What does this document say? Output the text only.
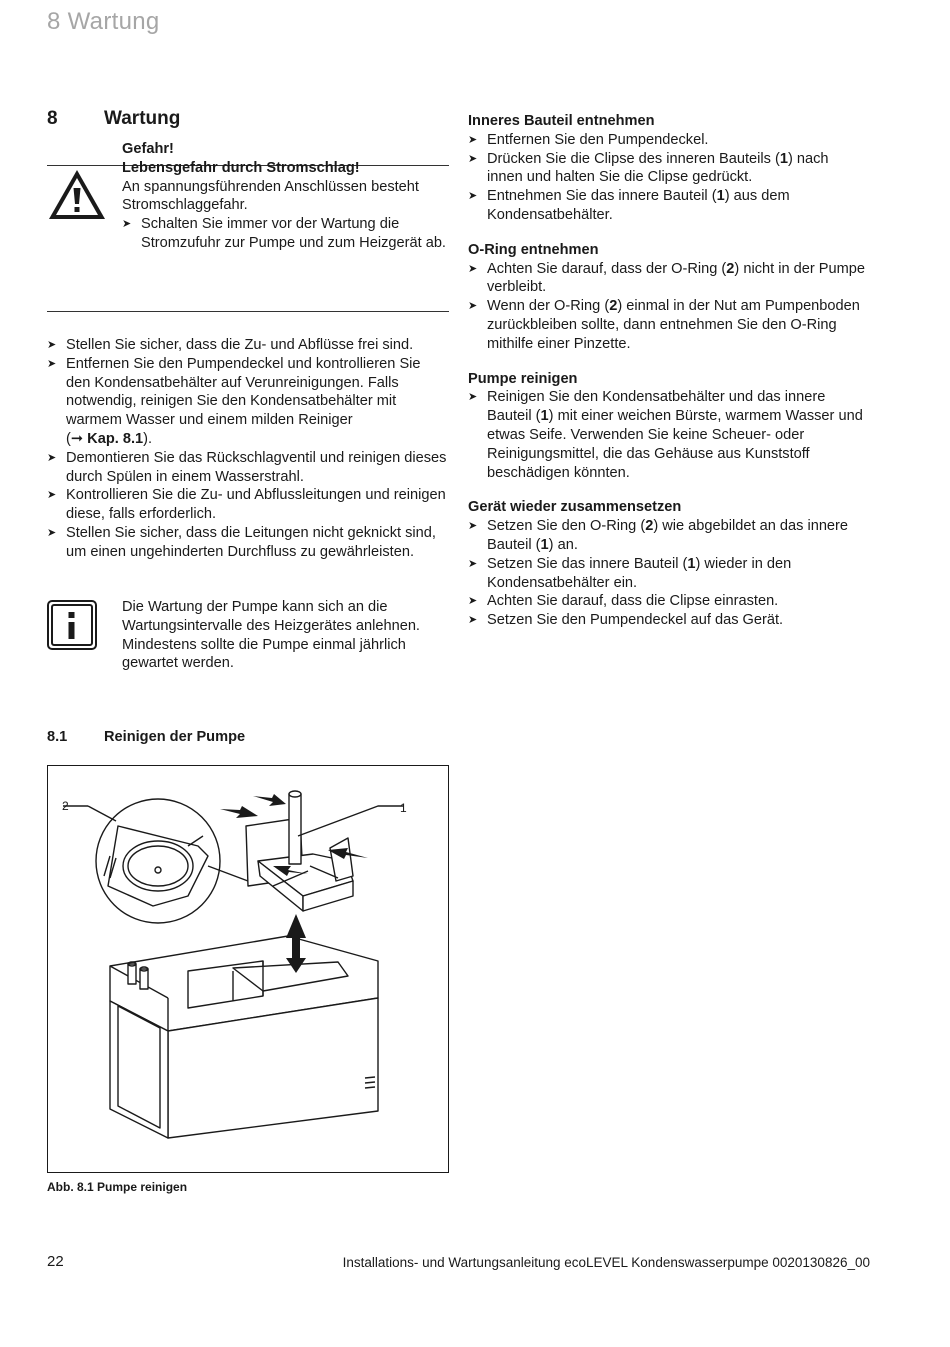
8 Wartung
8 Wartung
Gefahr!
Lebensgefahr durch Stromschlag!
An spannungsführenden Anschlüssen besteht Stromschlaggefahr.
➤ Schalten Sie immer vor der Wartung die Stromzufuhr zur Pumpe und zum Heizgerät ab.
➤ Stellen Sie sicher, dass die Zu- und Abflüsse frei sind.
➤ Entfernen Sie den Pumpendeckel und kontrollieren Sie den Kondensatbehälter auf Verunreinigungen. Falls notwendig, reinigen Sie den Kondensatbehälter mit warmem Wasser und einem milden Reiniger
(➞ Kap. 8.1).
➤ Demontieren Sie das Rückschlagventil und reinigen dieses durch Spülen in einem Wasserstrahl.
➤ Kontrollieren Sie die Zu- und Abflussleitungen und reinigen diese, falls erforderlich.
➤ Stellen Sie sicher, dass die Leitungen nicht geknickt sind, um einen ungehinderten Durchfluss zu gewährleisten.
Die Wartung der Pumpe kann sich an die Wartungsintervalle des Heizgerätes anlehnen. Mindestens sollte die Pumpe einmal jährlich gewartet werden.
8.1	Reinigen der Pumpe
1
2
Abb. 8.1 Pumpe reinigen
Inneres Bauteil entnehmen
➤ Entfernen Sie den Pumpendeckel.
➤ Drücken Sie die Clipse des inneren Bauteils (1) nach innen und halten Sie die Clipse gedrückt.
➤ Entnehmen Sie das innere Bauteil (1) aus dem Kondensatbehälter.
O-Ring entnehmen
➤ Achten Sie darauf, dass der O-Ring (2) nicht in der Pumpe verbleibt.
➤ Wenn der O-Ring (2) einmal in der Nut am Pumpenboden zurückbleiben sollte, dann entnehmen Sie den O-Ring mithilfe einer Pinzette.
Pumpe reinigen
➤ Reinigen Sie den Kondensatbehälter und das innere Bauteil (1) mit einer weichen Bürste, warmem Wasser und etwas Seife. Verwenden Sie keine Scheuer- oder Reinigungsmittel, die das Gehäuse aus Kunststoff beschädigen könnten.
Gerät wieder zusammensetzen
➤ Setzen Sie den O-Ring (2) wie abgebildet an das innere Bauteil (1) an.
➤ Setzen Sie das innere Bauteil (1) wieder in den Kondensatbehälter ein.
➤ Achten Sie darauf, dass die Clipse einrasten.
➤ Setzen Sie den Pumpendeckel auf das Gerät.
22	Installations- und Wartungsanleitung ecoLEVEL Kondenswasserpumpe 0020130826_00
